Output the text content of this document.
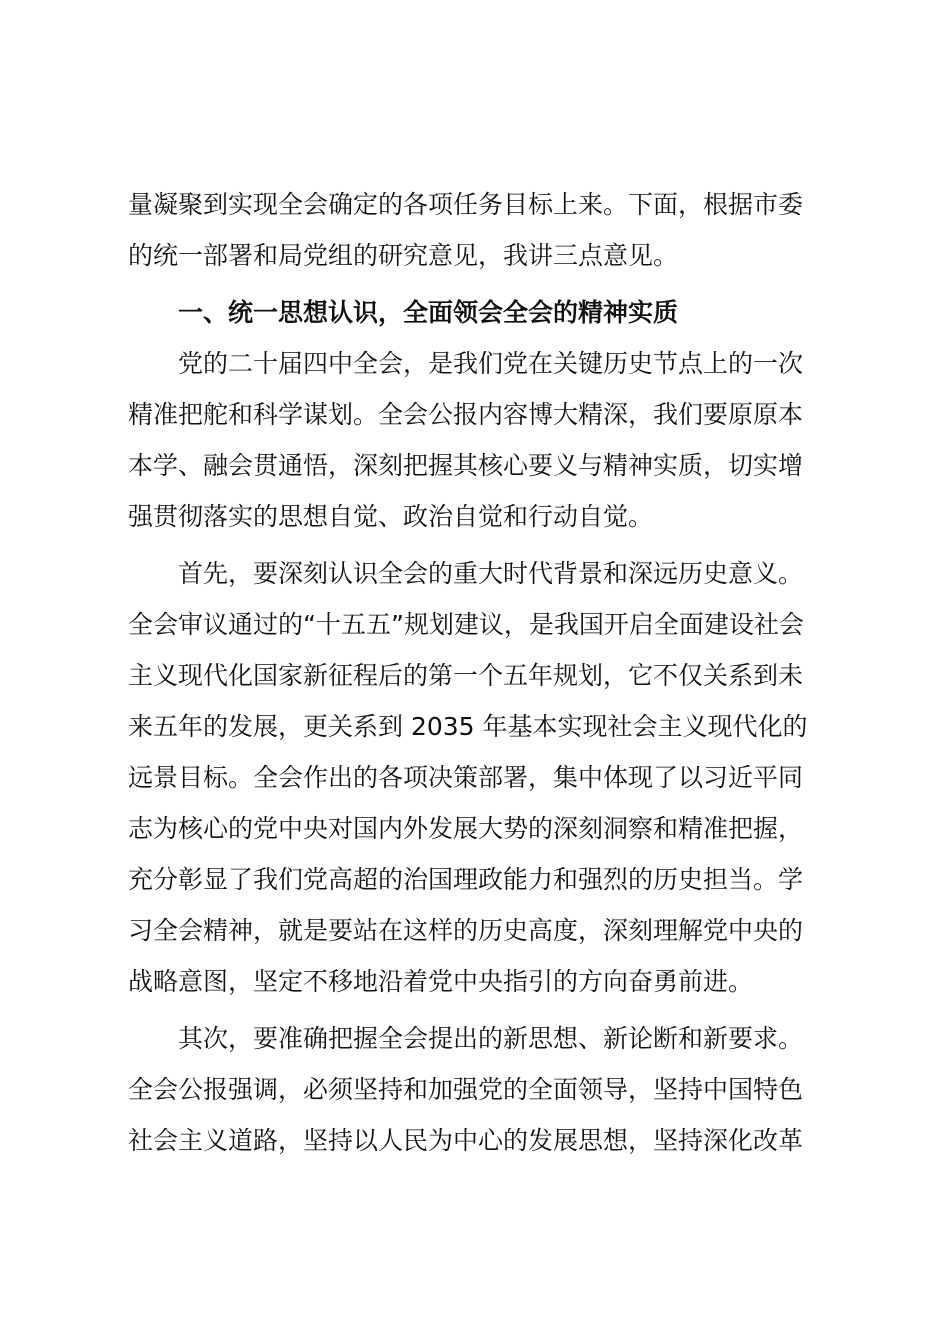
量凝聚到实现全会确定的各项任务目标上来。下面，根据市委
的统一部署和局党组的研究意见，我讲三点意见。
一、统一思想认识，全面领会全会的精神实质
党的二十届四中全会，是我们党在关键历史节点上的一次
精准把舵和科学谋划。全会公报内容博大精深，我们要原原本
本学、融会贯通悟，深刻把握其核心要义与精神实质，切实增
强贯彻落实的思想自觉、政治自觉和行动自觉。
首先，要深刻认识全会的重大时代背景和深远历史意义。
全会审议通过的“十五五”规划建议，是我国开启全面建设社会
主义现代化国家新征程后的第一个五年规划，它不仅关系到未
来五年的发展，更关系到 2035 年基本实现社会主义现代化的
远景目标。全会作出的各项决策部署，集中体现了以习近平同
志为核心的党中央对国内外发展大势的深刻洞察和精准把握，
充分彰显了我们党高超的治国理政能力和强烈的历史担当。学
习全会精神，就是要站在这样的历史高度，深刻理解党中央的
战略意图，坚定不移地沿着党中央指引的方向奋勇前进。
其次，要准确把握全会提出的新思想、新论断和新要求。
全会公报强调，必须坚持和加强党的全面领导，坚持中国特色
社会主义道路，坚持以人民为中心的发展思想，坚持深化改革
